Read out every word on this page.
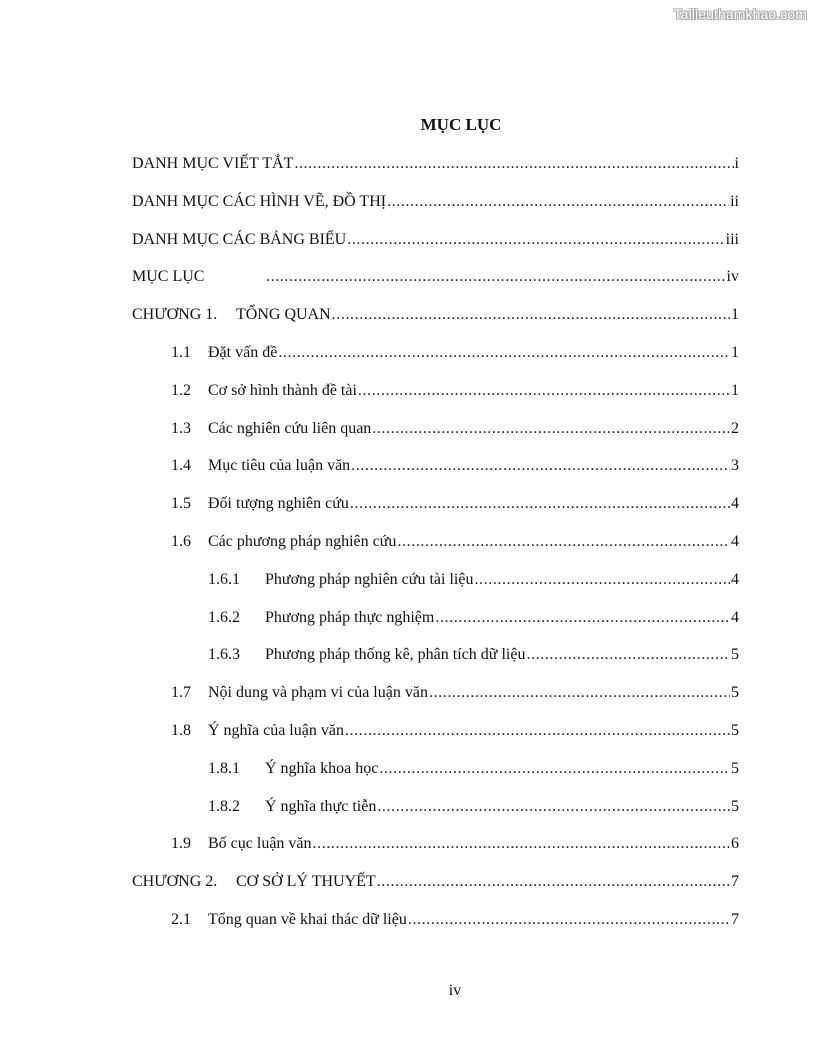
Tailieuthamkhao.com
MỤC LỤC
DANH MỤC VIẾT TẮT .....	i
DANH MỤC CÁC HÌNH VẼ, ĐỒ THỊ .....	ii
DANH MỤC CÁC BẢNG BIỂU .....	iii
MỤC LỤC .....	iv
CHƯƠNG 1.	TỔNG QUAN .....	1
1.1	Đặt vấn đề .....	1
1.2	Cơ sở hình thành đề tài .....	1
1.3	Các nghiên cứu liên quan .....	2
1.4	Mục tiêu của luận văn .....	3
1.5	Đối tượng nghiên cứu .....	4
1.6	Các phương pháp nghiên cứu .....	4
1.6.1	Phương pháp nghiên cứu tài liệu .....	4
1.6.2	Phương pháp thực nghiệm .....	4
1.6.3	Phương pháp thống kê, phân tích dữ liệu .....	5
1.7	Nội dung và phạm vi của luận văn .....	5
1.8	Ý nghĩa của luận văn .....	5
1.8.1	Ý nghĩa khoa học .....	5
1.8.2	Ý nghĩa thực tiễn .....	5
1.9	Bố cục luận văn .....	6
CHƯƠNG 2.	CƠ SỞ LÝ THUYẾT .....	7
2.1	Tổng quan về khai thác dữ liệu .....	7
iv
